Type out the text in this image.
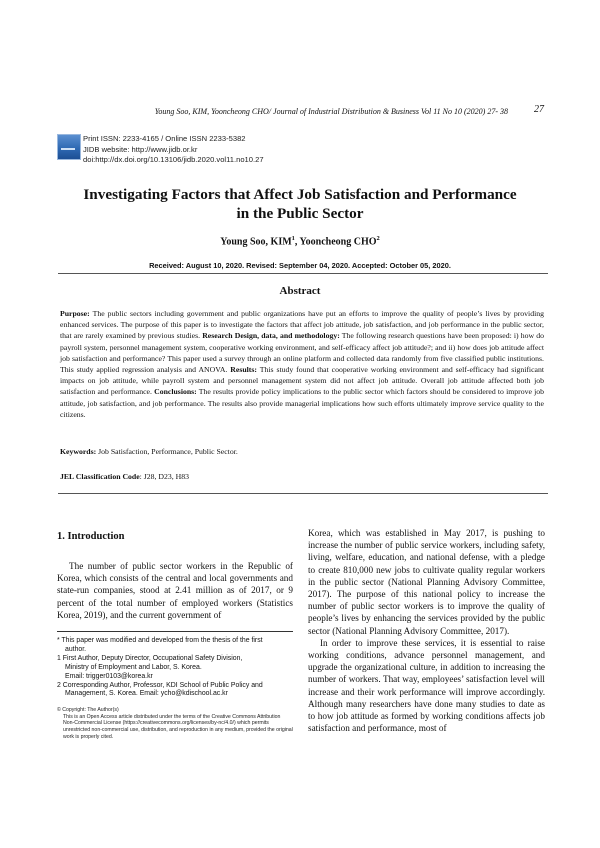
Young Soo, KIM, Yooncheong CHO/ Journal of Industrial Distribution & Business Vol 11 No 10 (2020) 27- 38	27
Print ISSN: 2233-4165 / Online ISSN 2233-5382
JIDB website: http://www.jidb.or.kr
doi:http://dx.doi.org/10.13106/jidb.2020.vol11.no10.27
Investigating Factors that Affect Job Satisfaction and Performance
in the Public Sector
Young Soo, KIM$^1$, Yooncheong CHO$^2$
Received: August 10, 2020. Revised: September 04, 2020. Accepted: October 05, 2020.
Abstract
Purpose: The public sectors including government and public organizations have put an efforts to improve the quality of people’s lives by providing enhanced services. The purpose of this paper is to investigate the factors that affect job attitude, job satisfaction, and job performance in the public sector, that are rarely examined by previous studies. Research Design, data, and methodology: The following research questions have been proposed: i) how do payroll system, personnel management system, cooperative working environment, and self-efficacy affect job attitude?; and ii) how does job attitude affect job satisfaction and performance? This paper used a survey through an online platform and collected data randomly from five classified public institutions. This study applied regression analysis and ANOVA. Results: This study found that cooperative working environment and self-efficacy had significant impacts on job attitude, while payroll system and personnel management system did not affect job attitude. Overall job attitude affected both job satisfaction and performance. Conclusions: The results provide policy implications to the public sector which factors should be considered to improve job attitude, job satisfaction, and job performance. The results also provide managerial implications how such efforts ultimately improve service quality to the citizens.
Keywords: Job Satisfaction, Performance, Public Sector.
JEL Classification Code: J28, D23, H83
1. Introduction

The number of public sector workers in the Republic of Korea, which consists of the central and local governments and state-run companies, stood at 2.41 million as of 2017, or 9 percent of the total number of employed workers (Statistics Korea, 2019), and the current government of

Korea, which was established in May 2017, is pushing to increase the number of public service workers, including safety, living, welfare, education, and national defense, with a pledge to create 810,000 new jobs to cultivate quality regular workers in the public sector (National Planning Advisory Committee, 2017). The purpose of this national policy to increase the number of public sector workers is to improve the quality of people’s lives by enhancing the services provided by the public sector (National Planning Advisory Committee, 2017).

In order to improve these services, it is essential to raise working conditions, advance personnel management, and upgrade the organizational culture, in addition to increasing the number of workers. That way, employees’ satisfaction level will increase and their work performance will improve accordingly. Although many researchers have done many studies to date as to how job attitude as formed by working conditions affects job satisfaction and performance, most of

* This paper was modified and developed from the thesis of the first
author.
1 First Author, Deputy Director, Occupational Safety Division,
Ministry of Employment and Labor, S. Korea.
Email: trigger0103@korea.kr
2 Corresponding Author, Professor, KDI School of Public Policy and
Management, S. Korea. Email: ycho@kdischool.ac.kr
© Copyright: The Author(s)
This is an Open Access article distributed under the terms of the Creative Commons Attribution Non-Commercial License (https://creativecommons.org/licenses/by-nc/4.0/) which permits unrestricted non-commercial use, distribution, and reproduction in any medium, provided the original work is properly cited.
